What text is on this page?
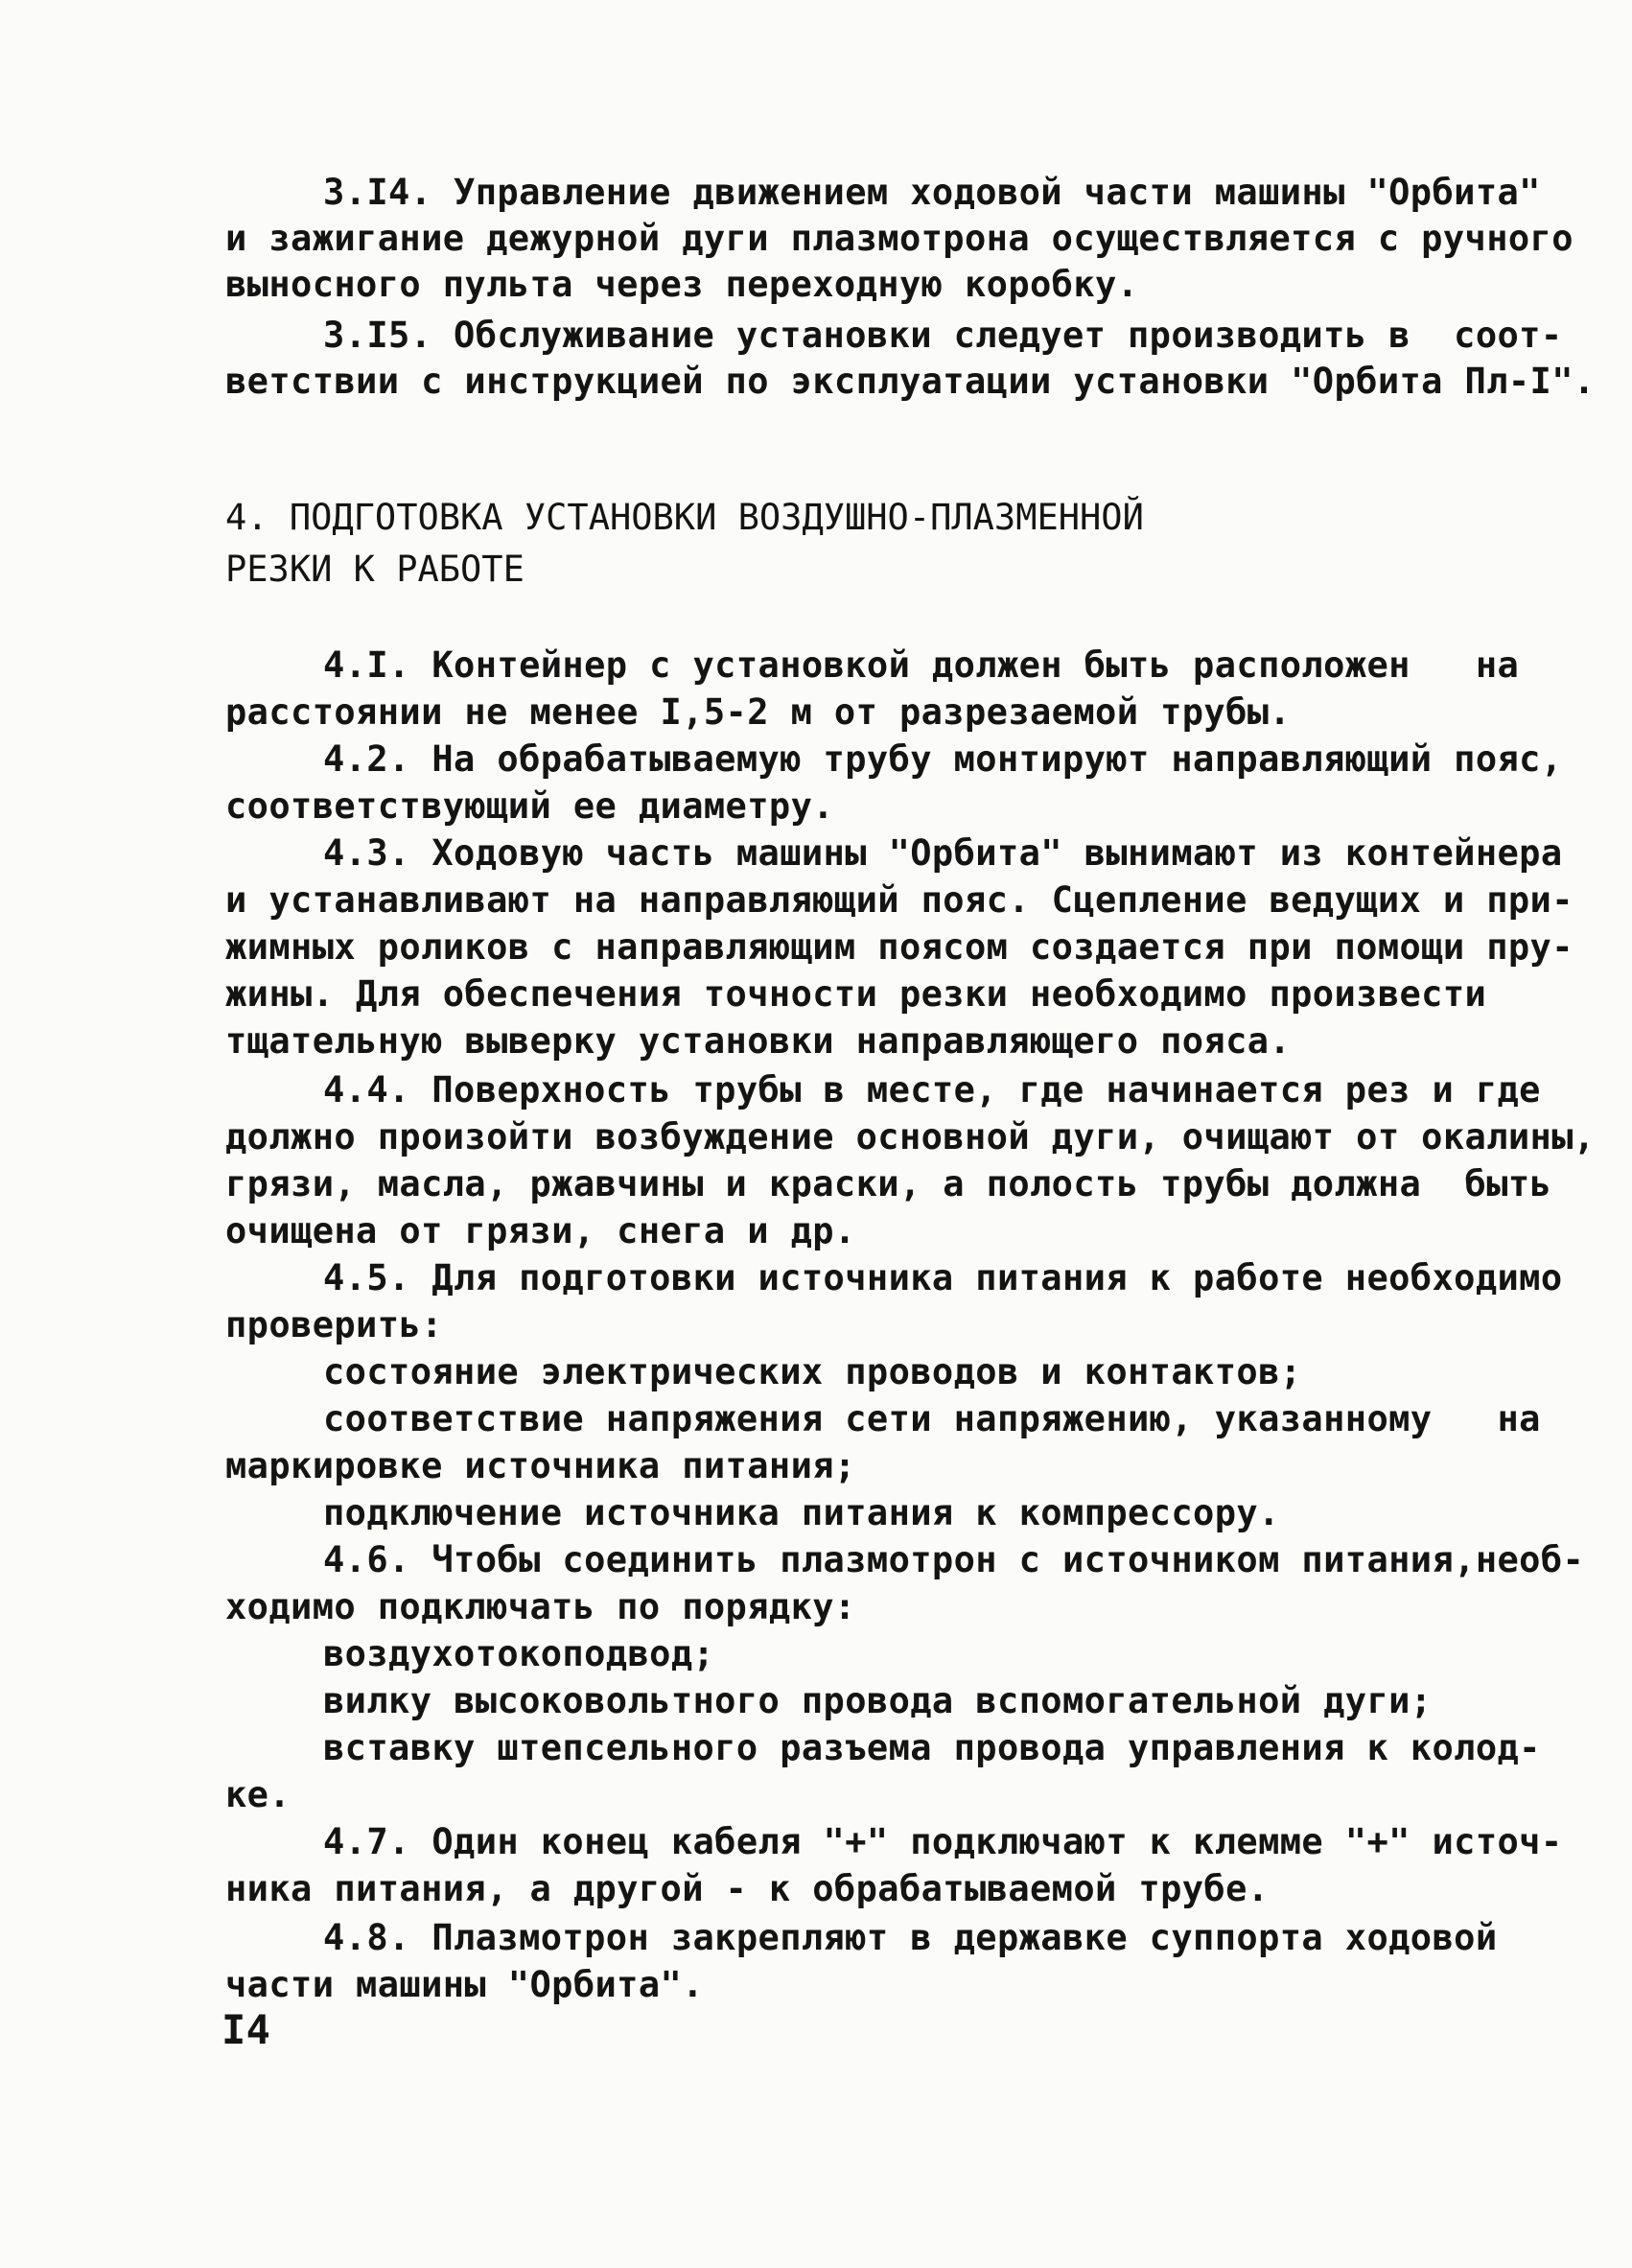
3.I4. Управление движением ходовой части машины "Орбита"
и зажигание дежурной дуги плазмотрона осуществляется с ручного
выносного пульта через переходную коробку.
3.I5. Обслуживание установки следует производить в  соот-
ветствии с инструкцией по эксплуатации установки "Орбита Пл-I".
4. ПОДГОТОВКА УСТАНОВКИ ВОЗДУШНО-ПЛАЗМЕННОЙ
РЕЗКИ К РАБОТЕ
4.I. Контейнер с установкой должен быть расположен   на
расстоянии не менее I,5-2 м от разрезаемой трубы.
4.2. На обрабатываемую трубу монтируют направляющий пояс,
соответствующий ее диаметру.
4.3. Ходовую часть машины "Орбита" вынимают из контейнера
и устанавливают на направляющий пояс. Сцепление ведущих и при-
жимных роликов с направляющим поясом создается при помощи пру-
жины. Для обеспечения точности резки необходимо произвести
тщательную выверку установки направляющего пояса.
4.4. Поверхность трубы в месте, где начинается рез и где
должно произойти возбуждение основной дуги, очищают от окалины,
грязи, масла, ржавчины и краски, а полость трубы должна  быть
очищена от грязи, снега и др.
4.5. Для подготовки источника питания к работе необходимо
проверить:
состояние электрических проводов и контактов;
соответствие напряжения сети напряжению, указанному   на
маркировке источника питания;
подключение источника питания к компрессору.
4.6. Чтобы соединить плазмотрон с источником питания,необ-
ходимо подключать по порядку:
воздухотокоподвод;
вилку высоковольтного провода вспомогательной дуги;
вставку штепсельного разъема провода управления к колод-
ке.
4.7. Один конец кабеля "+" подключают к клемме "+" источ-
ника питания, а другой - к обрабатываемой трубе.
4.8. Плазмотрон закрепляют в державке суппорта ходовой
части машины "Орбита".
I4
